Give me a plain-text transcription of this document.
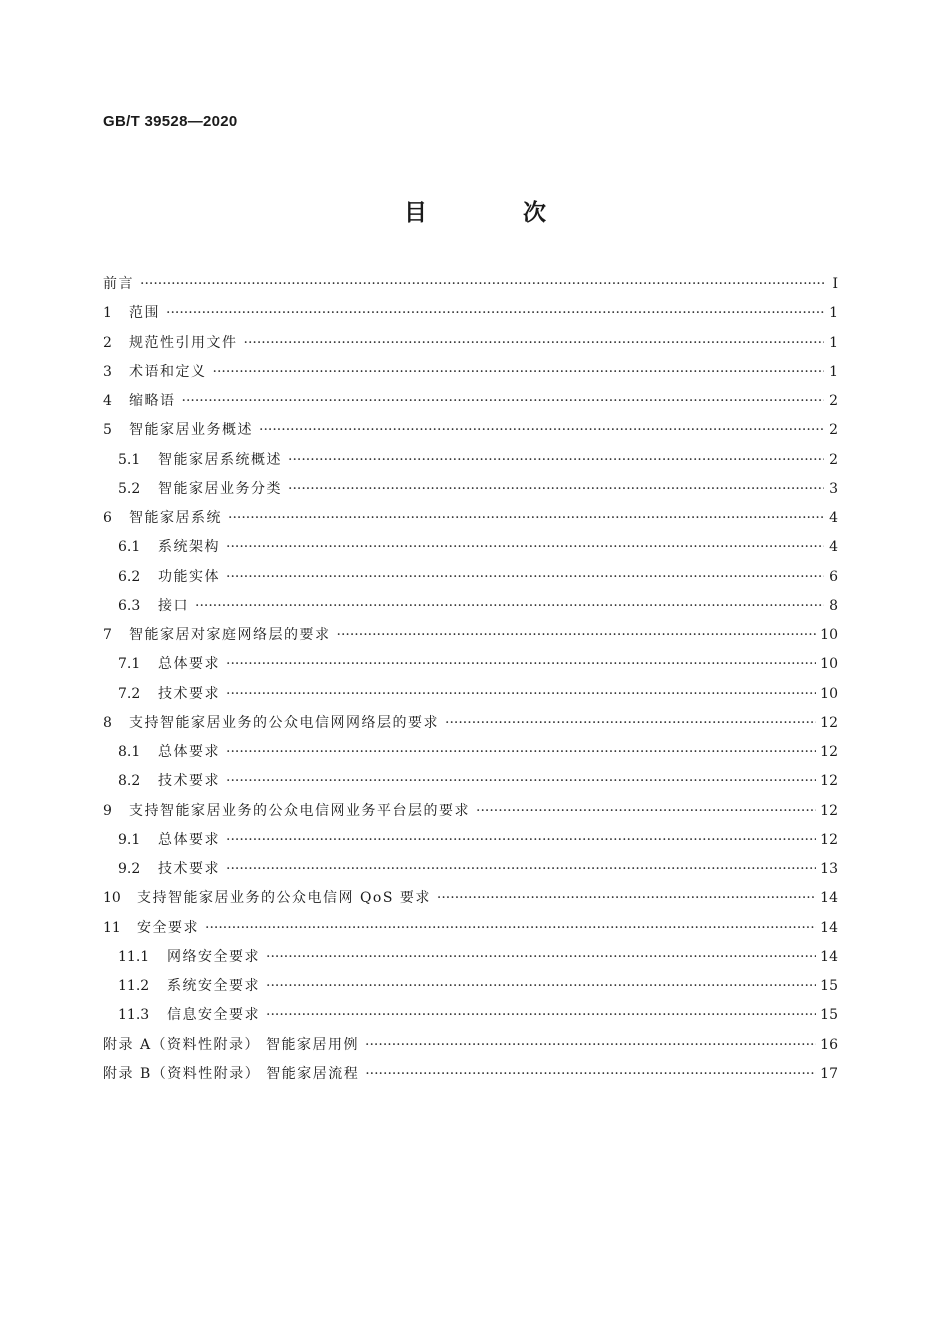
GB/T 39528—2020
目 次
前言 ·····	I
1	范围 ·····	1
2	规范性引用文件 ·····	1
3	术语和定义 ·····	1
4	缩略语 ·····	2
5	智能家居业务概述 ·····	2
5.1	智能家居系统概述 ·····	2
5.2	智能家居业务分类 ·····	3
6	智能家居系统 ·····	4
6.1	系统架构 ·····	4
6.2	功能实体 ·····	6
6.3	接口 ·····	8
7	智能家居对家庭网络层的要求 ·····	10
7.1	总体要求 ·····	10
7.2	技术要求 ·····	10
8	支持智能家居业务的公众电信网网络层的要求 ·····	12
8.1	总体要求 ·····	12
8.2	技术要求 ·····	12
9	支持智能家居业务的公众电信网业务平台层的要求 ·····	12
9.1	总体要求 ·····	12
9.2	技术要求 ·····	13
10	支持智能家居业务的公众电信网 QoS 要求 ·····	14
11	安全要求 ·····	14
11.1	网络安全要求 ·····	14
11.2	系统安全要求 ·····	15
11.3	信息安全要求 ·····	15
附录 A（资料性附录） 智能家居用例 ·····	16
附录 B（资料性附录） 智能家居流程 ·····	17
